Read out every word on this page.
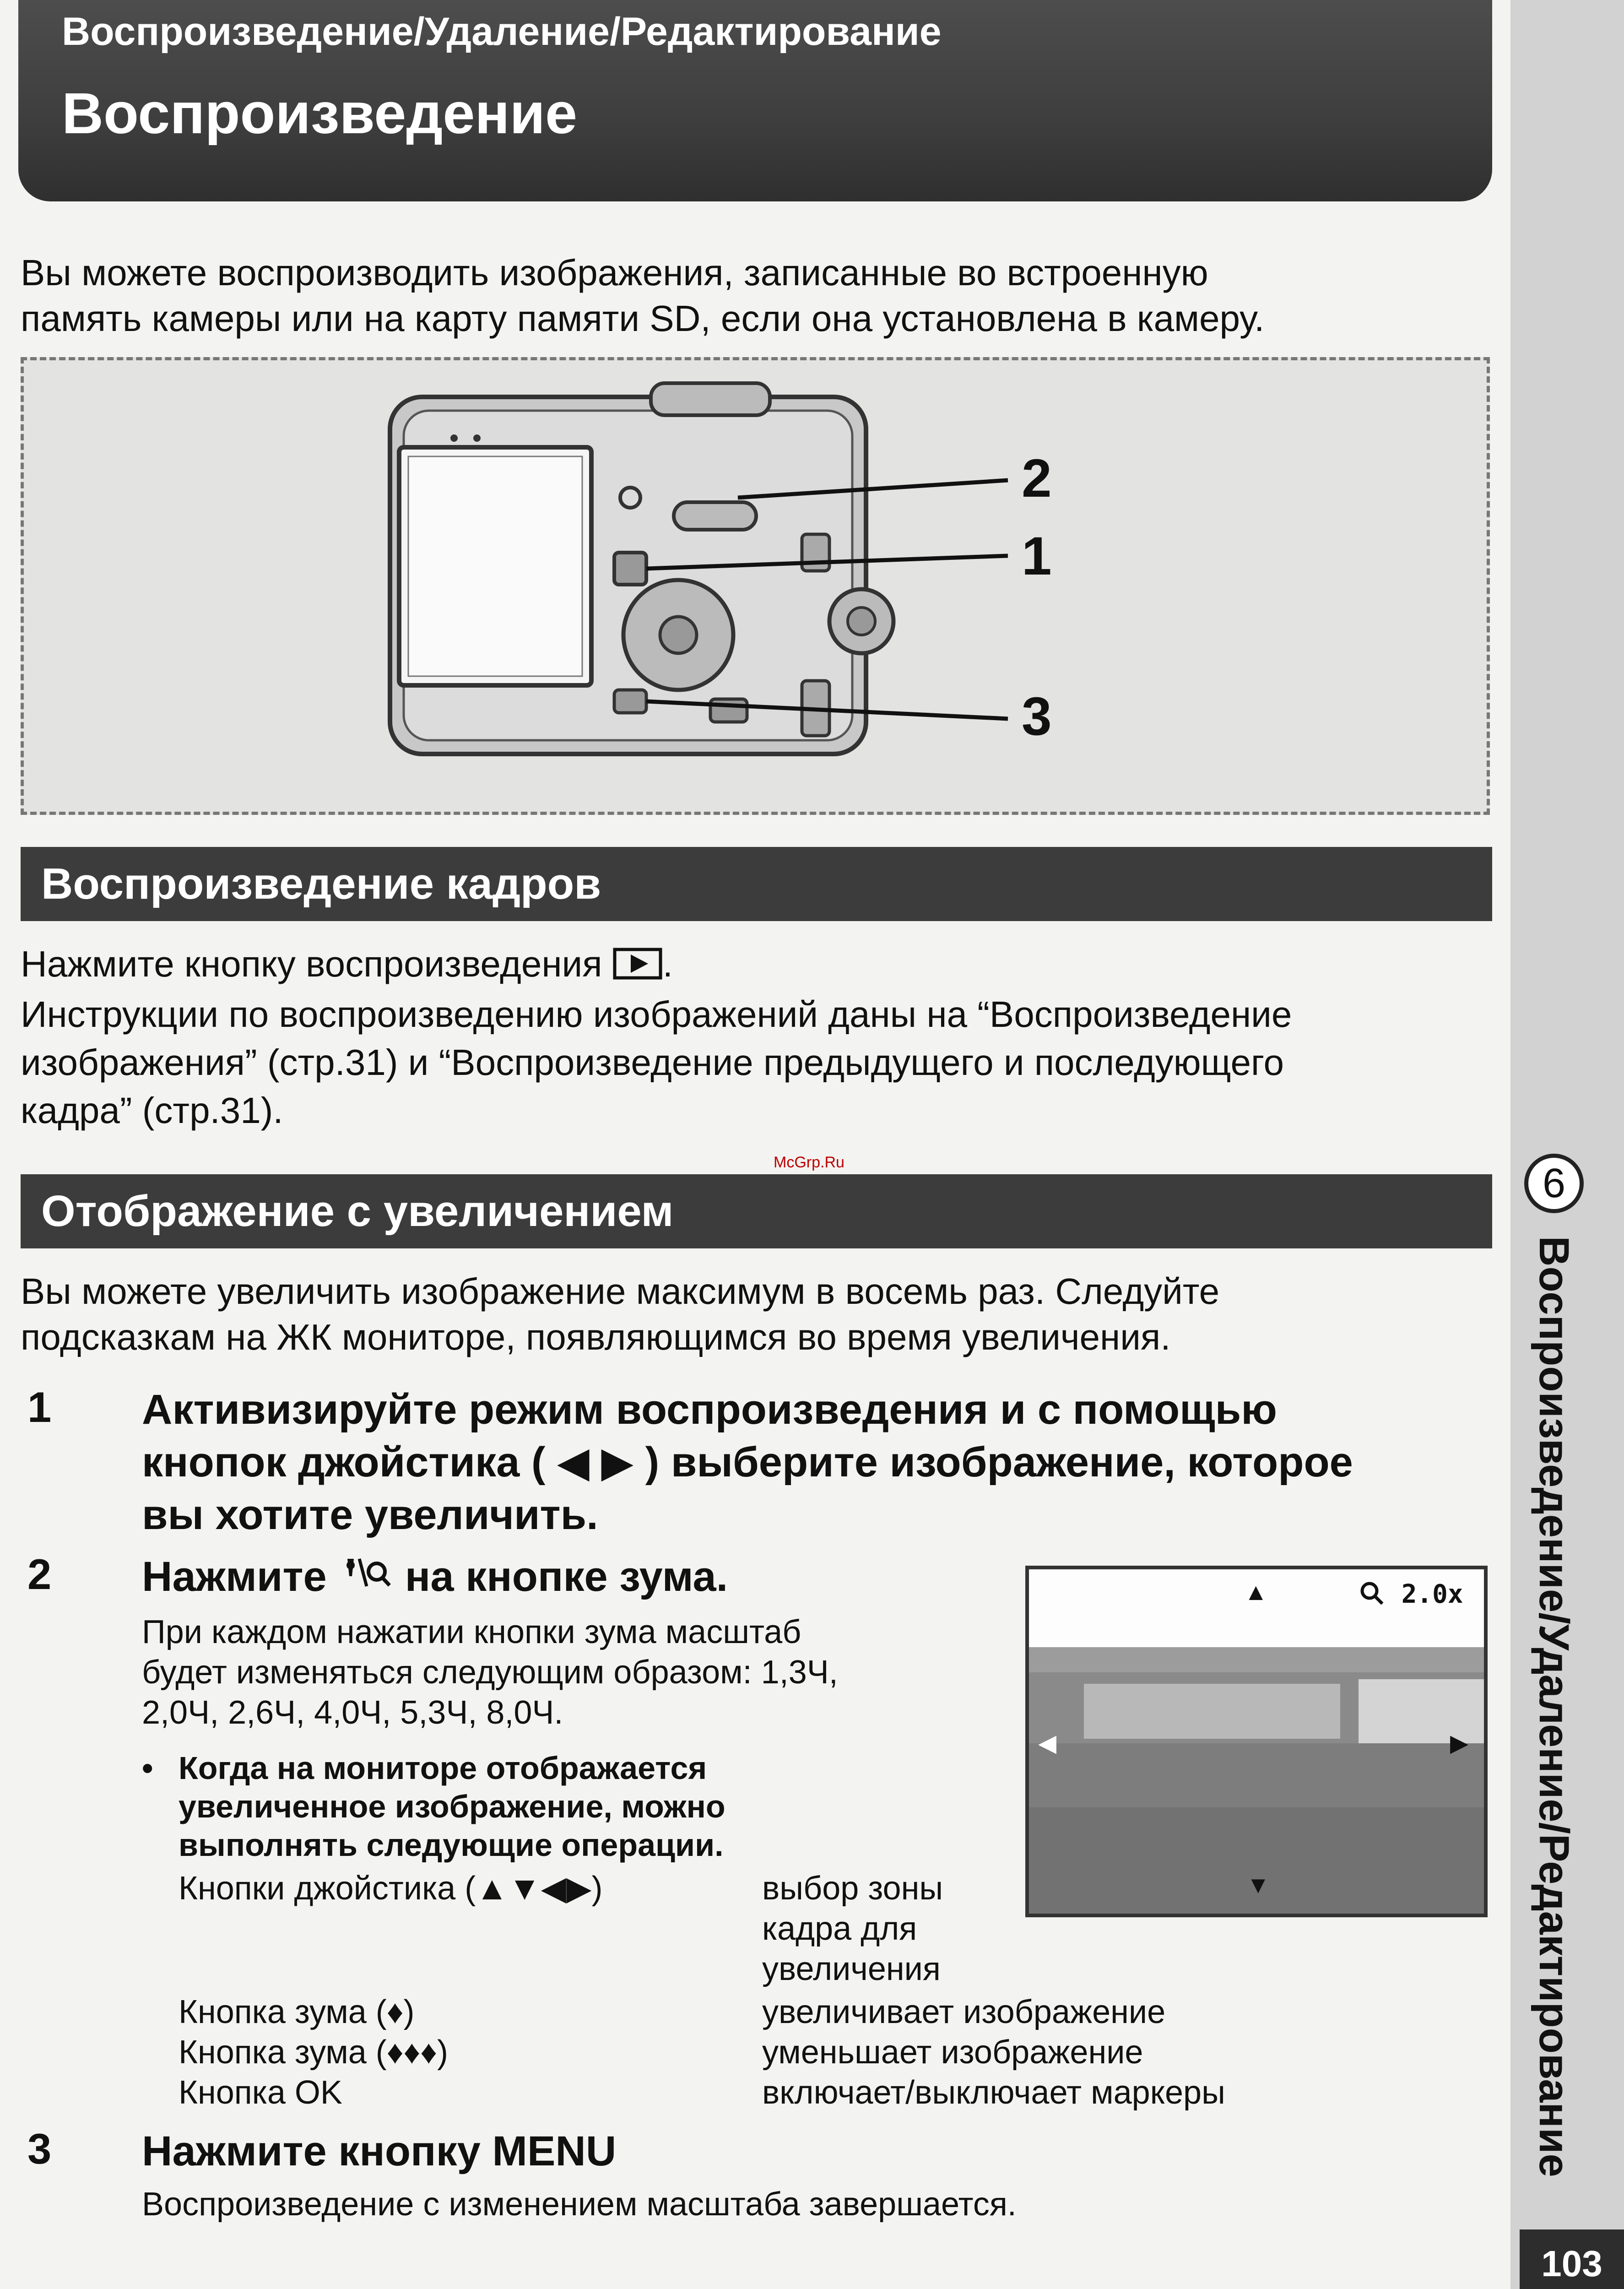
Воспроизведение/Удаление/Редактирование
Воспроизведение
Вы можете воспроизводить изображения, записанные во встроенную
память камеры или на карту памяти SD, если она установлена в камеру.
2
1
3
Воспроизведение кадров
Нажмите кнопку воспроизведения .
Инструкции по воспроизведению изображений даны на “Воспроизведение
изображения” (стр.31) и “Воспроизведение предыдущего и последующего
кадра” (стр.31).
McGrp.Ru
Отображение с увеличением
Вы можете увеличить изображение максимум в восемь раз. Следуйте
подсказкам на ЖК мониторе, появляющимся во время увеличения.
1 Активизируйте режим воспроизведения и с помощью
кнопок джойстика ( ◀ ▶ ) выберите изображение, которое
вы хотите увеличить.
2 Нажмите на кнопке зума.
При каждом нажатии кнопки зума масштаб
будет изменяться следующим образом: 1,3Ч,
2,0Ч, 2,6Ч, 4,0Ч, 5,3Ч, 8,0Ч.
• Когда на мониторе отображается
увеличенное изображение, можно
выполнять следующие операции.
Кнопки джойстика (▲▼◀▶)	выбор зоны
кадра для
увеличения
Кнопка зума (♦)	увеличивает изображение
Кнопка зума (♦♦♦)	уменьшает изображение
Кнопка OK	включает/выключает маркеры
▲	2.0x
◀	▶
▼
3 Нажмите кнопку MENU
Воспроизведение с изменением масштаба завершается.
6
Воспроизведение/Удаление/Редактирование
103
